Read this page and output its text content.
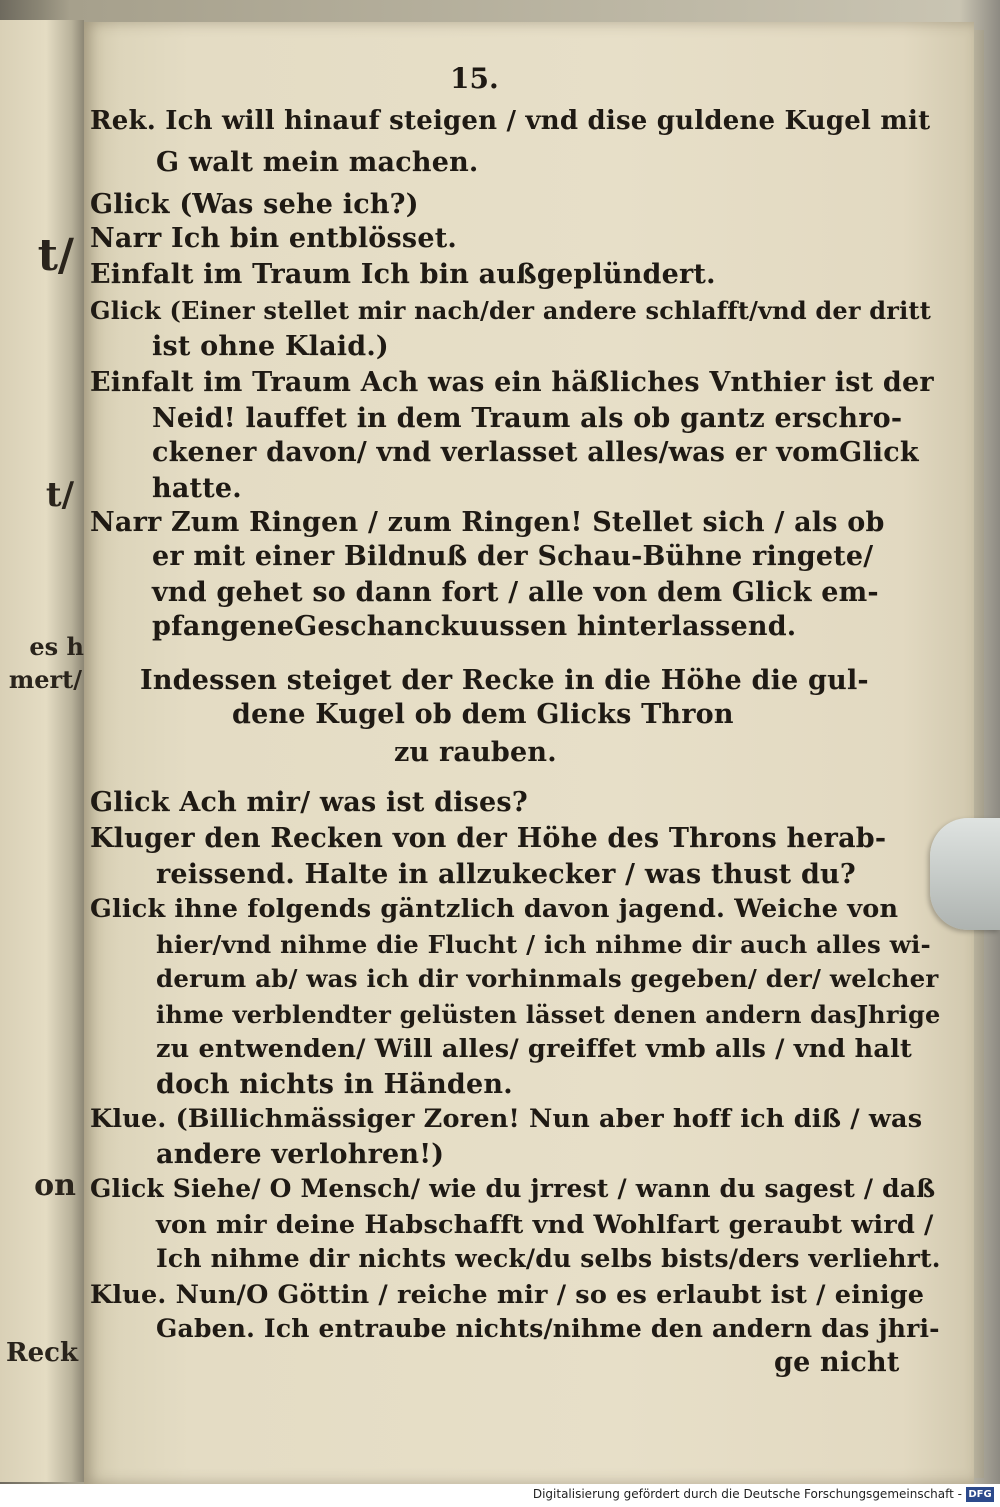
t/
t/
es h
mert/
on
Reck
15.
Rek. Ich will hinauf steigen / vnd dise guldene Kugel mit
G walt mein machen.
Glick (Was sehe ich?)
Narr Ich bin entblösset.
Einfalt im Traum Ich bin außgeplündert.
Glick (Einer stellet mir nach/der andere schlafft/vnd der dritt
ist ohne Klaid.)
Einfalt im Traum Ach was ein häßliches Vnthier ist der
Neid! lauffet in dem Traum als ob gantz erschro-
ckener davon/ vnd verlasset alles/was er vomGlick
hatte.
Narr Zum Ringen / zum Ringen! Stellet sich / als ob
er mit einer Bildnuß der Schau-Bühne ringete/
vnd gehet so dann fort / alle von dem Glick em-
pfangeneGeschanckuussen hinterlassend.
Indessen steiget der Recke in die Höhe die gul-
dene Kugel ob dem Glicks Thron
zu rauben.
Glick Ach mir/ was ist dises?
Kluger den Recken von der Höhe des Throns herab-
reissend. Halte in allzukecker / was thust du?
Glick ihne folgends gäntzlich davon jagend. Weiche von
hier/vnd nihme die Flucht / ich nihme dir auch alles wi-
derum ab/ was ich dir vorhinmals gegeben/ der/ welcher
ihme verblendter gelüsten lässet denen andern dasJhrige
zu entwenden/ Will alles/ greiffet vmb alls / vnd halt
doch nichts in Händen.
Klue. (Billichmässiger Zoren! Nun aber hoff ich diß / was
andere verlohren!)
Glick Siehe/ O Mensch/ wie du jrrest / wann du sagest / daß
von mir deine Habschafft vnd Wohlfart geraubt wird /
Ich nihme dir nichts weck/du selbs bists/ders verliehrt.
Klue. Nun/O Göttin / reiche mir / so es erlaubt ist / einige
Gaben. Ich entraube nichts/nihme den andern das jhri-
ge nicht
Digitalisierung gefördert durch die Deutsche Forschungsgemeinschaft - DFG
